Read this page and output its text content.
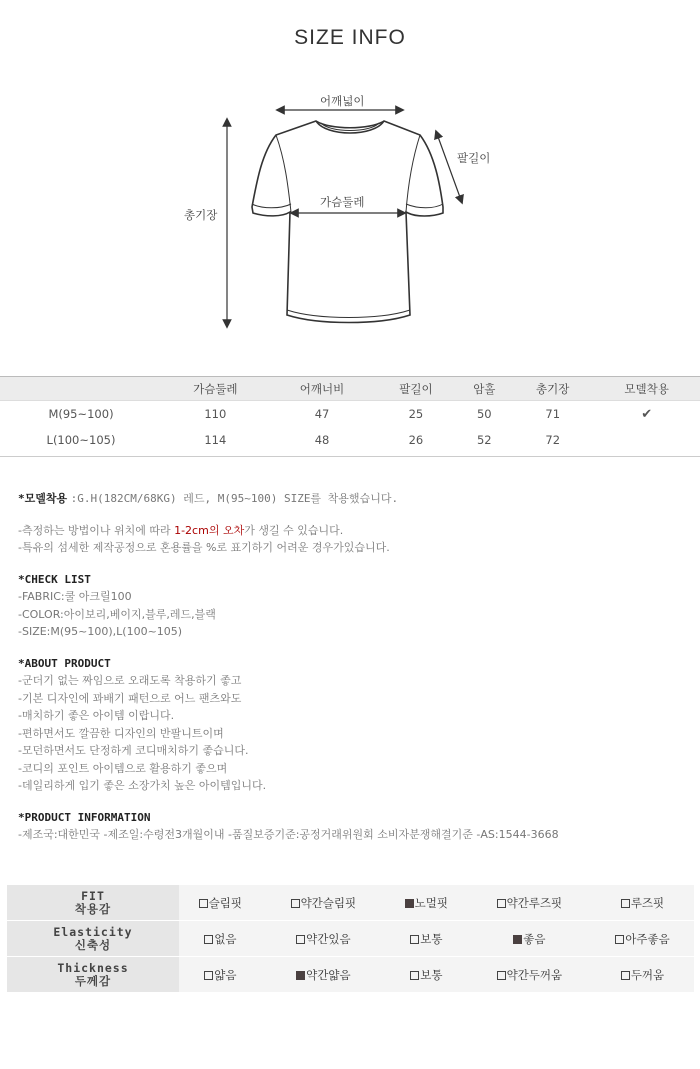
SIZE INFO
어깨넓이
팔길이
가슴둘레
총기장
	가슴둘레	어깨너비	팔길이	암홀	총기장	모델착용
M(95~100)	110	47	25	50	71	✔
L(100~105)	114	48	26	52	72	
*모델착용 :G.H(182CM/68KG) 레드, M(95~100) SIZE를 착용했습니다.
-측정하는 방법이나 위치에 따라 1-2cm의 오차가 생길 수 있습니다.
-특유의 섬세한 제작공정으로 혼용률을 %로 표기하기 어려운 경우가있습니다.
*CHECK LIST
-FABRIC:쿨 아크릴100
-COLOR:아이보리,베이지,블루,레드,블랙
-SIZE:M(95~100),L(100~105)
*ABOUT PRODUCT
-군더기 없는 짜임으로 오래도록 착용하기 좋고
-기본 디자인에 꽈배기 패턴으로 어느 팬츠와도
-매치하기 좋은 아이템 이랍니다.
-편하면서도 깔끔한 디자인의 반팔니트이며
-모던하면서도 단정하게 코디매치하기 좋습니다.
-코디의 포인트 아이템으로 활용하기 좋으며
-데일리하게 입기 좋은 소장가치 높은 아이템입니다.
*PRODUCT INFORMATION
-제조국:대한민국 -제조일:수령전3개월이내 -품질보증기준:공정거래위원회 소비자분쟁해결기준 -AS:1544-3668
FIT
착용감	슬림핏	약간슬림핏	노멀핏	약간루즈핏	루즈핏

Elasticity
신축성	없음	약간있음	보통	좋음	아주좋음

Thickness
두께감	얇음	약간얇음	보통	약간두꺼움	두꺼움
